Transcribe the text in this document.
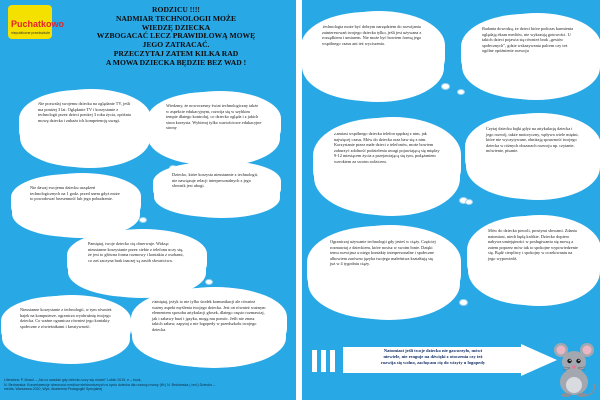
Puchatkowo
niepubliczne przedszkole
RODZICU !!!!
NADMIAR TECHNOLOGII MOŻE
WIEDZĘ DZIECKA
WZBOGACAĆ LECZ PRAWIDŁOWĄ MOWĘ
JEGO ZATRACAĆ.
PRZECZYTAJ ZATEM KILKA RAD
A MOWA DZIECKA BĘDZIE BEZ WAD !
Nie pozwalaj swojemu dziecku na oglądanie TV, jeśli ma poniżej 3 lat. Oglądanie TV i korzystanie z technologii przez dzieci poniżej 3 roku życia, opóźnia mowę dziecka i zubaża ich kompetencję uwagi.
Wiedzmy, że nowoczesny świat technologiczny także w aspekcie edukacyjnym, rozwija się w szybkim tempie dlatego kontroluj, co dziecko ogląda i z jakich stron korzysta. Wybieraj tylko wartościowe edukacyjne strony
Nie dawaj swojemu dziecku urządzeń technologicznych na 1 godz. przed snem gdyż może to powodować bezsenność lub jego pobudzenie.
Dziecko, które korzysta nieustannie z technologii, nie nawiązuje relacji interpersonalnych z jego słownik jest ubogi.
Pamiętaj, twoje dziecko cię obserwuje. Widząc nieustanne korzystanie przez ciebie z telefonu uczy się, że jest to główna forma rozmowy i kontaktu z osobami, co zaś zaczyna brak inaczej są zasób słownictwa.
Nieustanne korzystanie z technologii, w tym również bajek na komputerze, ogranicza wyobraźnię twojego dziecka. Co ważne ogranicza również jego kontakty społeczne z rówieśnikami i kreatywność.
Pamiętaj, jeżyk to nie tylko środek komunikacji ale również ważny aspekt myślenia twojego dziecka. Jest on również ważnym elementem sposobu artykulacji głosek, dlatego często rozmawiaj, jak i zabawy buzi i języka, mogą mu pomóc. Jeśli nie znasz takich zabaw, zapytaj o nie logopedy w przedszkolu twojego dziecka.
Literatura: P. Mosul – „Na co uważać gdy dziecko uczy się mówić” Lublin 2019, e – book,
N. Bednarska: Konsekwencje obecności mediów elektronicznych w życiu dziecka dla rozwoju mowy (W:) N. Bednarska ( red.) Dziecko –
media. Warszawa 2020, Wyd. Akademia Pedagogiki Specjalnej
Technologia może być dobrym narzędziem do rozwijania zainteresowań twojego dziecka tylko, jeśli jest używana z rozsądkiem i umiarem. Nie może być bowiem formą jego wspólnego czasu ani też wyciszenia.
Badania dowodzą, że dzieci które podczas karmienia oglądają ekran mediów, nie wykazują gotowości. U takich dzieci pojawia się również brak „gestów społecznych”, gdzie wskazywania palcem czy też ogólne opóźnienie rozwoju
Zamiast wspólnego dziecka telefon spędzaj z nim, jak najwięcej czasu. Mów do dziecka oraz baw się z nim. Korzystanie przez małe dzieci z telefonów, może bowiem zaburzyć zdolność podzielenia uwagi pojawiającą się między 9-12 miesiącem życia a przejawiającą się tym, podążaniem wzrokiem za swoim rodzicem.
Czytaj dziecku bajki gdyż na artykulację dziecka i jego rozwój, także motoryczny, wpływa wiele mięśni, które nie wyczytywane, obniżają sprawność twojego dziecka w różnych obszarach rozwoju np. czytanie, mówienie, pisanie.
Ograniczaj używanie technologii gdy jesteś w ciąży. Częściej rozmawiaj z dzieckiem, które nosisz w swoim łonie. Dzięki temu rozwijasz u niego kontakty interpersonalne i społeczne albowiem zarówno języka twojego maleństwa kształtują się już w 4 tygodniu ciąży.
Mów do dziecka powoli, prostymi słowami. Zdania natomiast, niech będą krótkie. Dziecko dopiero nabywa umiejętności w posługiwaniu się mową a zatem poprzez mów tak to spokojne wypowiedzenie się. Bądź cierpliwy i spokojny w oczekiwaniu na jego wypowiedź.
Natomiast jeśli twoje dziecko nie gaworzyło, mówi
niewiele, nie reaguje na dźwięki z otoczenia czy też
rozwija się wolno, zachęcam cię do wizyty u logopedy
